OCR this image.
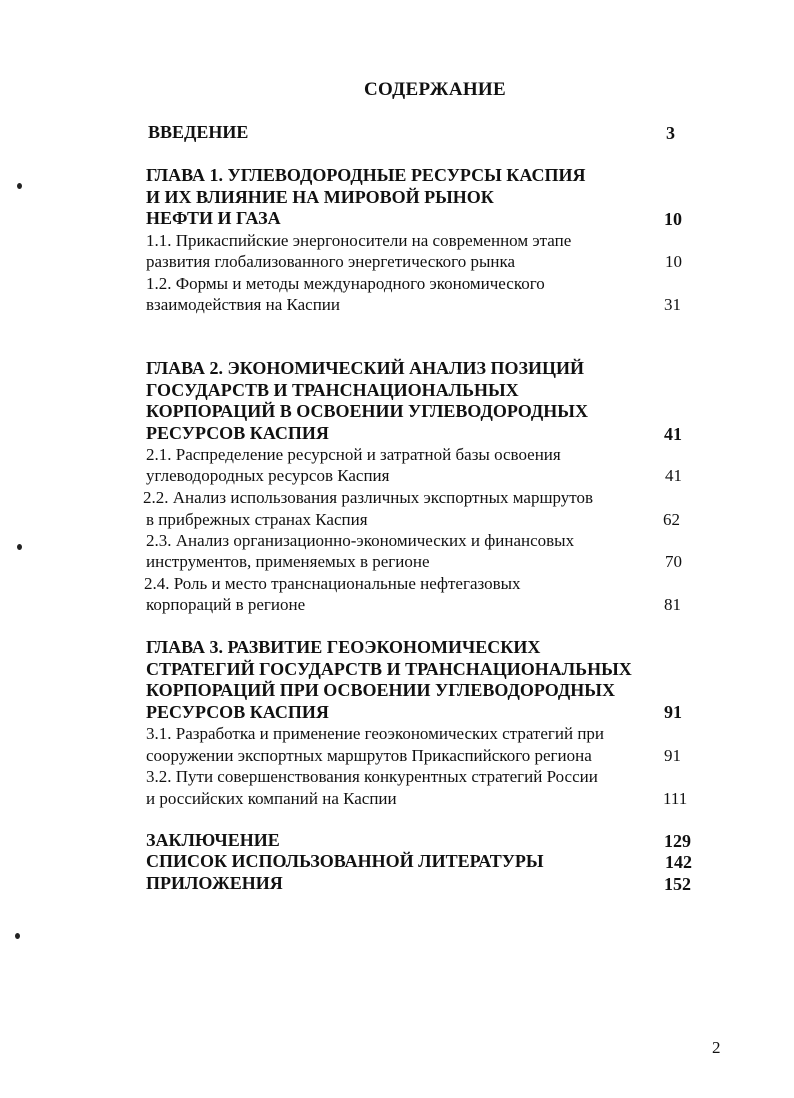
СОДЕРЖАНИЕ
ВВЕДЕНИЕ	3
ГЛАВА 1. УГЛЕВОДОРОДНЫЕ РЕСУРСЫ КАСПИЯ
И ИХ ВЛИЯНИЕ НА МИРОВОЙ РЫНОК
НЕФТИ И ГАЗА	10
1.1. Прикаспийские энергоносители на современном этапе
развития глобализованного энергетического рынка	10
1.2. Формы и методы международного экономического
взаимодействия на Каспии	31
ГЛАВА 2. ЭКОНОМИЧЕСКИЙ АНАЛИЗ ПОЗИЦИЙ
ГОСУДАРСТВ И ТРАНСНАЦИОНАЛЬНЫХ
КОРПОРАЦИЙ В ОСВОЕНИИ УГЛЕВОДОРОДНЫХ
РЕСУРСОВ КАСПИЯ	41
2.1. Распределение ресурсной и затратной базы освоения
углеводородных ресурсов Каспия	41
2.2. Анализ использования различных экспортных маршрутов
в прибрежных странах Каспия	62
2.3. Анализ организационно-экономических и финансовых
инструментов, применяемых в регионе	70
2.4. Роль и место транснациональные нефтегазовых
корпораций в регионе	81
ГЛАВА 3. РАЗВИТИЕ ГЕОЭКОНОМИЧЕСКИХ
СТРАТЕГИЙ ГОСУДАРСТВ И ТРАНСНАЦИОНАЛЬНЫХ
КОРПОРАЦИЙ ПРИ ОСВОЕНИИ УГЛЕВОДОРОДНЫХ
РЕСУРСОВ КАСПИЯ	91
3.1. Разработка и применение геоэкономических стратегий при
сооружении экспортных маршрутов Прикаспийского региона	91
3.2. Пути совершенствования конкурентных стратегий России
и российских компаний на Каспии	111
ЗАКЛЮЧЕНИЕ	129
СПИСОК ИСПОЛЬЗОВАННОЙ ЛИТЕРАТУРЫ	142
ПРИЛОЖЕНИЯ	152
2
